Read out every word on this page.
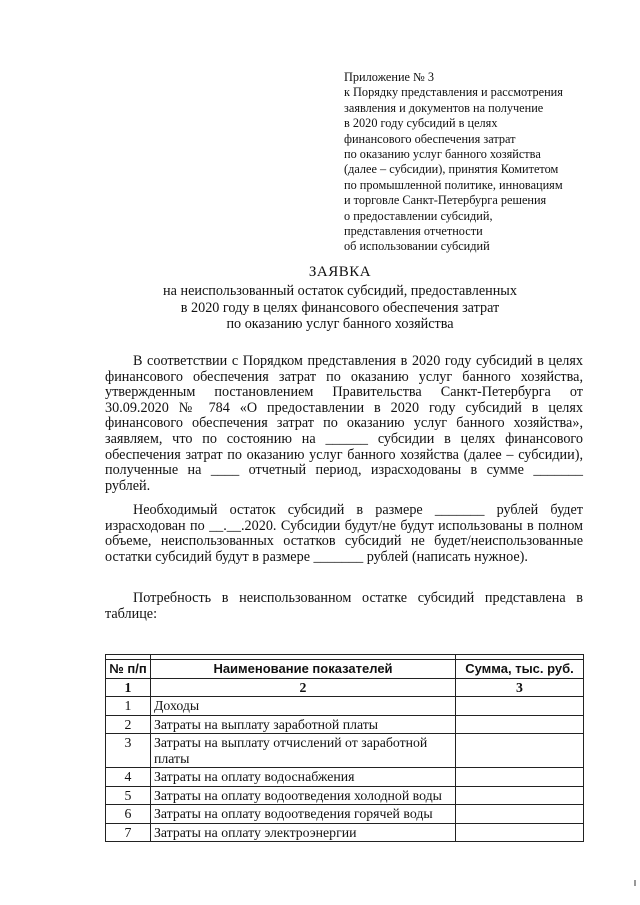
Приложение № 3
к Порядку представления и рассмотрения
заявления и документов на получение
в 2020 году субсидий в целях
финансового обеспечения затрат
по оказанию услуг банного хозяйства
(далее – субсидии), принятия Комитетом
по промышленной политике, инновациям
и торговле Санкт-Петербурга решения
о предоставлении субсидий,
представления отчетности
об использовании субсидий
ЗАЯВКА
на неиспользованный остаток субсидий, предоставленных
в 2020 году в целях финансового обеспечения затрат
по оказанию услуг банного хозяйства

В соответствии с Порядком представления в 2020 году субсидий в целях финансового обеспечения затрат по оказанию услуг банного хозяйства, утвержденным постановлением Правительства Санкт-Петербурга от 30.09.2020 № 784 «О предоставлении в 2020 году субсидий в целях финансового обеспечения затрат по оказанию услуг банного хозяйства», заявляем, что по состоянию на ______ субсидии в целях финансового обеспечения затрат по оказанию услуг банного хозяйства (далее – субсидии), полученные на ____ отчетный период, израсходованы в сумме _______ рублей.

Необходимый остаток субсидий в размере _______ рублей будет израсходован по __.__.2020. Субсидии будут/не будут использованы в полном объеме, неиспользованных остатков субсидий не будет/неиспользованные остатки субсидий будут в размере _______ рублей (написать нужное).

Потребность в неиспользованном остатке субсидий представлена в таблице:

№ п/п	Наименование показателей	Сумма, тыс. руб.
1	2	3
1	Доходы	
2	Затраты на выплату заработной платы	
3	Затраты на выплату отчислений от заработной платы	
4	Затраты на оплату водоснабжения	
5	Затраты на оплату водоотведения холодной воды	
6	Затраты на оплату водоотведения горячей воды	
7	Затраты на оплату электроэнергии	
